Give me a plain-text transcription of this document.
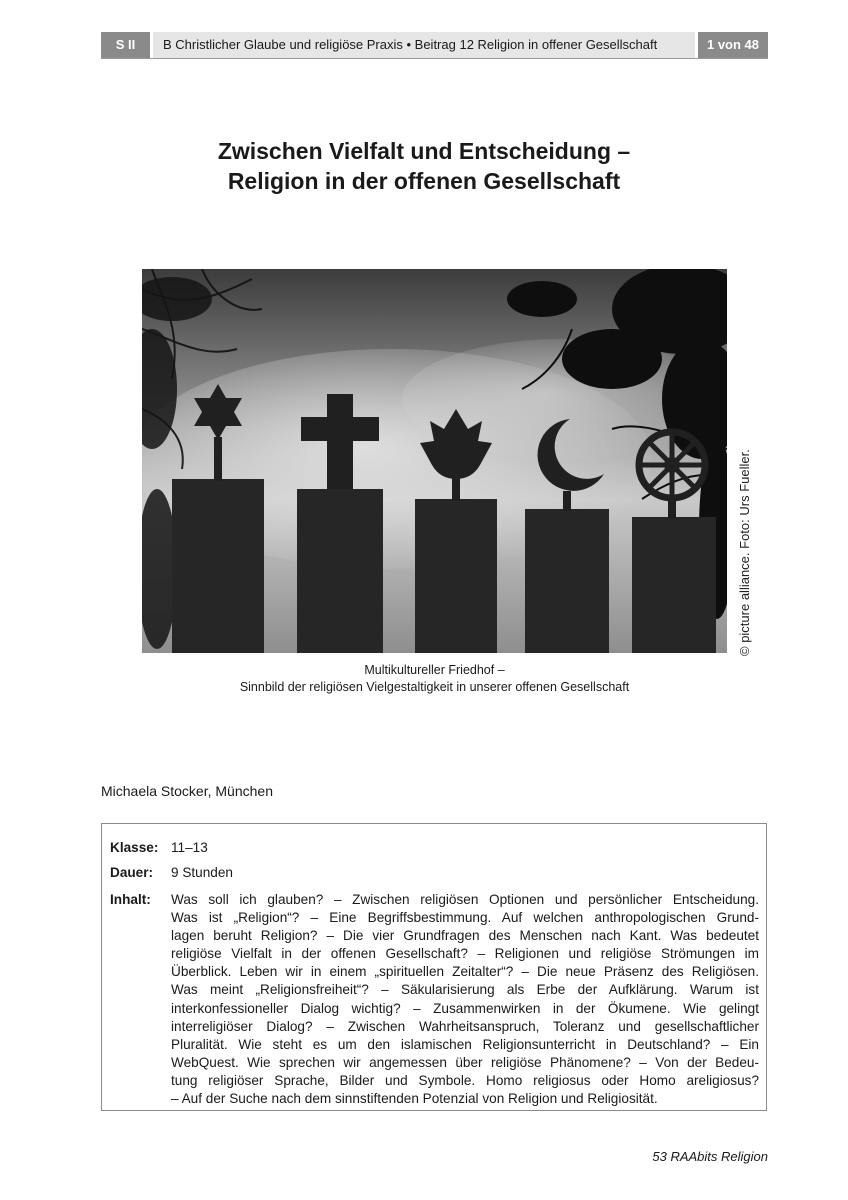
S II	B Christlicher Glaube und religiöse Praxis • Beitrag 12 Religion in offener Gesellschaft	1 von 48
Zwischen Vielfalt und Entscheidung –
Religion in der offenen Gesellschaft
© picture alliance. Foto: Urs Fueller.
Multikultureller Friedhof –
Sinnbild der religiösen Vielgestaltigkeit in unserer offenen Gesellschaft
Michaela Stocker, München
Klasse: 11–13
Dauer: 9 Stunden
Inhalt: Was soll ich glauben? – Zwischen religiösen Optionen und persönlicher Entscheidung.
Was ist „Religion“? – Eine Begriffsbestimmung. Auf welchen anthropologischen Grund-
lagen beruht Religion? – Die vier Grundfragen des Menschen nach Kant. Was bedeutet
religiöse Vielfalt in der offenen Gesellschaft? – Religionen und religiöse Strömungen im
Überblick. Leben wir in einem „spirituellen Zeitalter“? – Die neue Präsenz des Religiösen.
Was meint „Religionsfreiheit“? – Säkularisierung als Erbe der Aufklärung. Warum ist
interkonfessioneller Dialog wichtig? – Zusammenwirken in der Ökumene. Wie gelingt
interreligiöser Dialog? – Zwischen Wahrheitsanspruch, Toleranz und gesellschaftlicher
Pluralität. Wie steht es um den islamischen Religionsunterricht in Deutschland? – Ein
WebQuest. Wie sprechen wir angemessen über religiöse Phänomene? – Von der Bedeu-
tung religiöser Sprache, Bilder und Symbole. Homo religiosus oder Homo areligiosus?
– Auf der Suche nach dem sinnstiftenden Potenzial von Religion und Religiosität.
53 RAAbits Religion
